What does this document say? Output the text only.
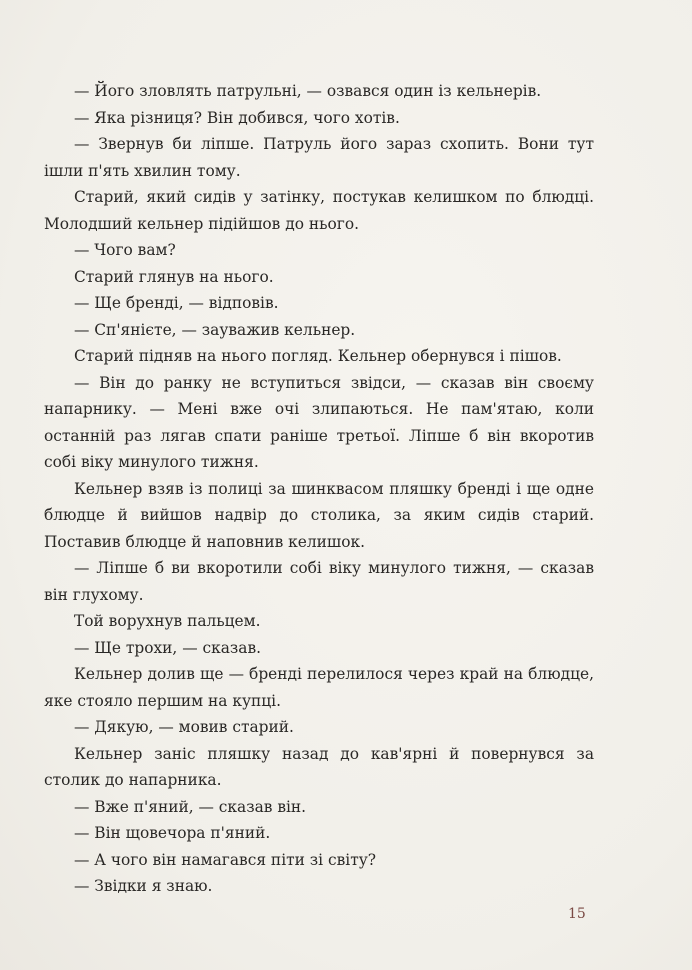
— Його зловлять патрульні, — озвався один із кельнерів.

— Яка різниця? Він добився, чого хотів.

— Звернув би ліпше. Патруль його зараз схопить. Вони тут ішли п'ять хвилин тому.

Старий, який сидів у затінку, постукав келишком по блюдці. Молодший кельнер підійшов до нього.

— Чого вам?

Старий глянув на нього.

— Ще бренді, — відповів.

— Сп'янієте, — зауважив кельнер.

Старий підняв на нього погляд. Кельнер обернувся і пішов.

— Він до ранку не вступиться звідси, — сказав він своєму напарнику. — Мені вже очі злипаються. Не пам'ятаю, коли останній раз лягав спати раніше третьої. Ліпше б він вкоротив собі віку минулого тижня.

Кельнер взяв із полиці за шинквасом пляшку бренді і ще одне блюдце й вийшов надвір до столика, за яким сидів старий. Поставив блюдце й наповнив келишок.

— Ліпше б ви вкоротили собі віку минулого тижня, — сказав він глухому.

Той ворухнув пальцем.

— Ще трохи, — сказав.

Кельнер долив ще — бренді перелилося через край на блюдце, яке стояло першим на купці.

— Дякую, — мовив старий.

Кельнер заніс пляшку назад до кав'ярні й повернувся за столик до напарника.

— Вже п'яний, — сказав він.

— Він щовечора п'яний.

— А чого він намагався піти зі світу?

— Звідки я знаю.

15
